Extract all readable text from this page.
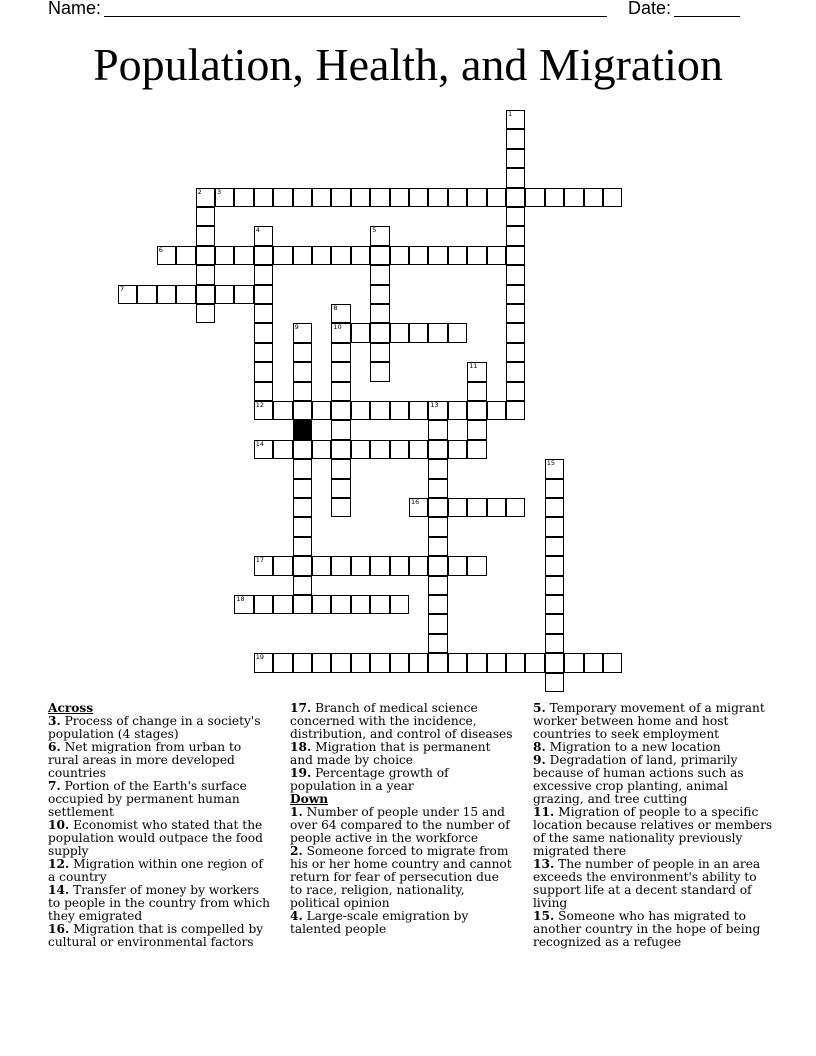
Name:	Date:
Population, Health, and Migration
1
2 3
4
12
5
6
7
8
10
9
11
13
14
15
16
17
18
19
Across
3. Process of change in a society's population (4 stages)
6. Net migration from urban to rural areas in more developed countries
7. Portion of the Earth's surface occupied by permanent human settlement
10. Economist who stated that the population would outpace the food supply
12. Migration within one region of a country
14. Transfer of money by workers to people in the country from which they emigrated
16. Migration that is compelled by cultural or environmental factors
17. Branch of medical science concerned with the incidence, distribution, and control of diseases
18. Migration that is permanent and made by choice
19. Percentage growth of population in a year
Down
1. Number of people under 15 and over 64 compared to the number of people active in the workforce
2. Someone forced to migrate from his or her home country and cannot return for fear of persecution due to race, religion, nationality, political opinion
4. Large-scale emigration by talented people
5. Temporary movement of a migrant worker between home and host countries to seek employment
8. Migration to a new location
9. Degradation of land, primarily because of human actions such as excessive crop planting, animal grazing, and tree cutting
11. Migration of people to a specific location because relatives or members of the same nationality previously migrated there
13. The number of people in an area exceeds the environment's ability to support life at a decent standard of living
15. Someone who has migrated to another country in the hope of being recognized as a refugee
